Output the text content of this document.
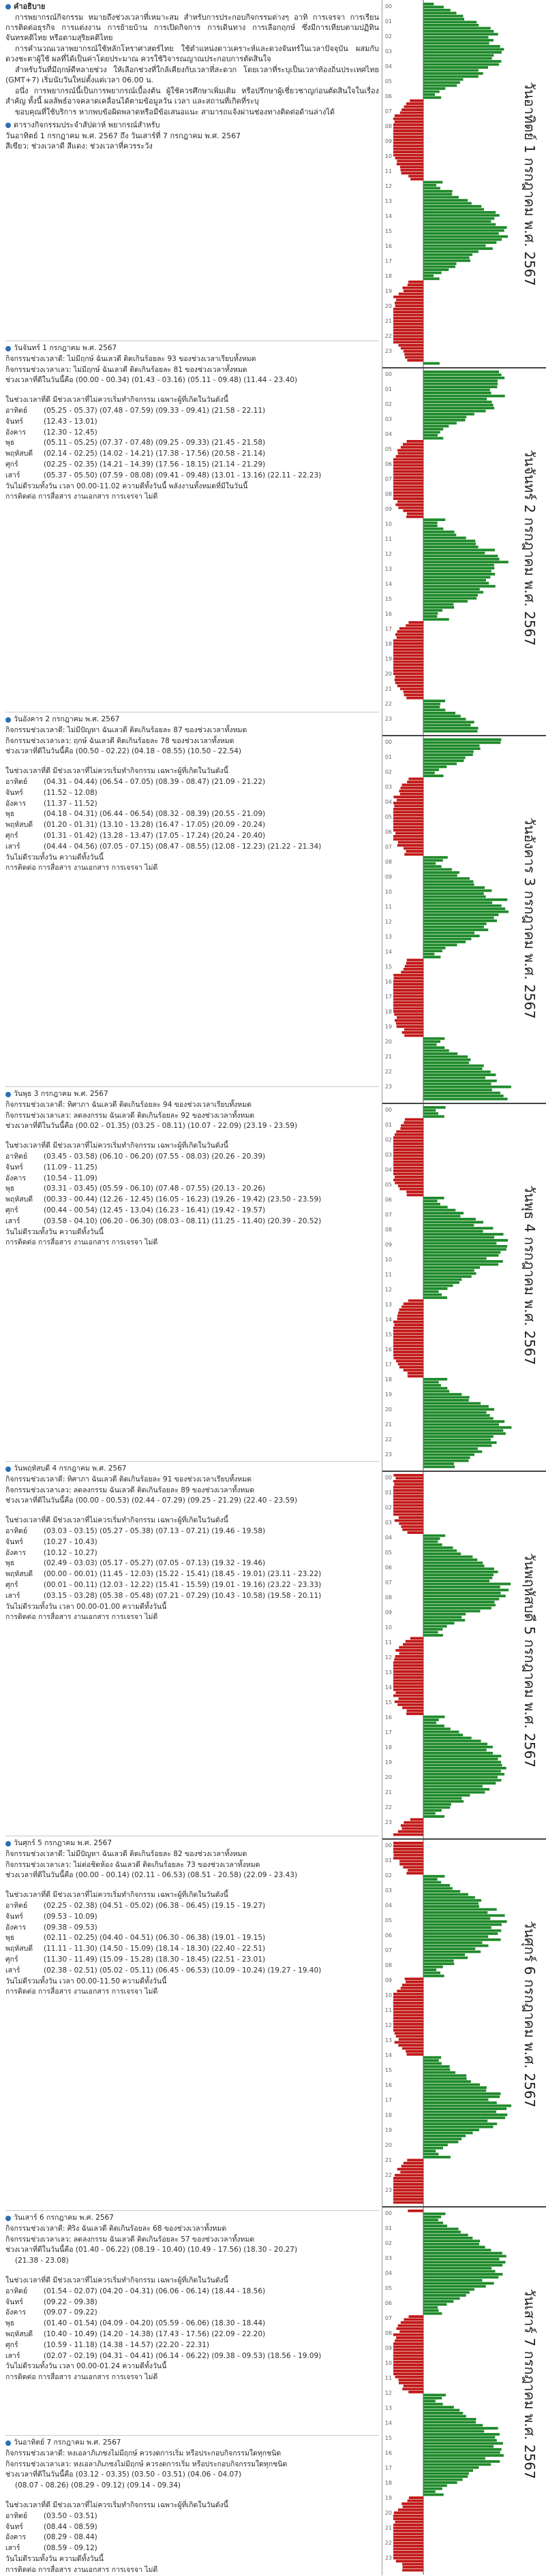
คำอธิบาย

การพยากรณ์กิจกรรม หมายถึงช่วงเวลาที่เหมาะสม สำหรับการประกอบกิจกรรมต่างๆ อาทิ การเจรจา การเรียน การติดต่อธุรกิจ การแต่งงาน การย้ายบ้าน การเปิดกิจการ การเดินทาง การเลือกฤกษ์ ซึ่งมีการเทียบตามปฏิทินจันทรคติไทย หรือตามสุริยคติไทย

การคำนวณเวลาพยากรณ์ใช้หลักโหราศาสตร์ไทย ใช้ตำแหน่งดาวเคราะห์และดวงจันทร์ในเวลาปัจจุบัน ผสมกับดวงชะตาผู้ใช้ ผลที่ได้เป็นค่าโดยประมาณ ควรใช้วิจารณญาณประกอบการตัดสินใจ

สำหรับวันที่มีฤกษ์ดีหลายช่วง ให้เลือกช่วงที่ใกล้เคียงกับเวลาที่สะดวก โดยเวลาที่ระบุเป็นเวลาท้องถิ่นประเทศไทย (GMT+7) เริ่มนับวันใหม่ตั้งแต่เวลา 06.00 น.

อนึ่ง การพยากรณ์นี้เป็นการพยากรณ์เบื้องต้น ผู้ใช้ควรศึกษาเพิ่มเติม หรือปรึกษาผู้เชี่ยวชาญก่อนตัดสินใจในเรื่องสำคัญ ทั้งนี้ ผลลัพธ์อาจคลาดเคลื่อนได้ตามข้อมูลวัน เวลา และสถานที่เกิดที่ระบุ

ขอบคุณที่ใช้บริการ หากพบข้อผิดพลาดหรือมีข้อเสนอแนะ สามารถแจ้งผ่านช่องทางติดต่อด้านล่างได้

ตารางกิจกรรมประจำสัปดาห์ พยากรณ์สำหรับ
วันอาทิตย์ 1 กรกฎาคม พ.ศ. 2567 ถึง วันเสาร์ที่ 7 กรกฎาคม พ.ศ. 2567
สีเขียว: ช่วงเวลาดี สีแดง: ช่วงเวลาที่ควรระวัง
วันจันทร์ 1 กรกฎาคม พ.ศ. 2567
กิจกรรมช่วงเวลาดี: ไม่มีฤกษ์ ฉันเลวดี ติดเกินร้อยละ 93 ของช่วงเวลาเรียบทั้งหมด
กิจกรรมช่วงเวลาเลว: ไม่มีฤกษ์ ฉันเลวดี ติดเกินร้อยละ 81 ของช่วงเวลาทั้งหมด
ช่วงเวลาที่ดีในวันนี้คือ (00.00 - 00.34) (01.43 - 03.16) (05.11 - 09.48) (11.44 - 23.40)
ในช่วงเวลาที่ดี มีช่วงเวลาที่ไม่ควรเริ่มทำกิจกรรม เฉพาะผู้ที่เกิดในวันดังนี้
อาทิตย์	(05.25 - 05.37) (07.48 - 07.59) (09.33 - 09.41) (21.58 - 22.11)
จันทร์	(12.43 - 13.01)
อังคาร	(12.30 - 12.45)
พุธ	(05.11 - 05.25) (07.37 - 07.48) (09.25 - 09.33) (21.45 - 21.58)
พฤหัสบดี	(02.14 - 02.25) (14.02 - 14.21) (17.38 - 17.56) (20.58 - 21.14)
ศุกร์	(02.25 - 02.35) (14.21 - 14.39) (17.56 - 18.15) (21.14 - 21.29)
เสาร์	(05.37 - 05.50) (07.59 - 08.08) (09.41 - 09.48) (13.01 - 13.16) (22.11 - 22.23)
วันไม่ดีรวมทั้งวัน เวลา 00.00-11.02 ความดีทั้งวันนี้ พลังงานทั้งหมดที่มีในวันนี้
การติดต่อ การสื่อสาร งานเอกสาร การเจรจา ไม่ดี
วันอังคาร 2 กรกฎาคม พ.ศ. 2567
กิจกรรมช่วงเวลาดี: ไม่มีปัญหา ฉันเลวดี ติดเกินร้อยละ 87 ของช่วงเวลาทั้งหมด
กิจกรรมช่วงเวลาเลว: ฤกษ์ ฉันเลวดี ติดเกินร้อยละ 78 ของช่วงเวลาทั้งหมด
ช่วงเวลาที่ดีในวันนี้คือ (00.50 - 02.22) (04.18 - 08.55) (10.50 - 22.54)
ในช่วงเวลาที่ดี มีช่วงเวลาที่ไม่ควรเริ่มทำกิจกรรม เฉพาะผู้ที่เกิดในวันดังนี้
อาทิตย์	(04.31 - 04.44) (06.54 - 07.05) (08.39 - 08.47) (21.09 - 21.22)
จันทร์	(11.52 - 12.08)
อังคาร	(11.37 - 11.52)
พุธ	(04.18 - 04.31) (06.44 - 06.54) (08.32 - 08.39) (20.55 - 21.09)
พฤหัสบดี	(01.20 - 01.31) (13.10 - 13.28) (16.47 - 17.05) (20.09 - 20.24)
ศุกร์	(01.31 - 01.42) (13.28 - 13.47) (17.05 - 17.24) (20.24 - 20.40)
เสาร์	(04.44 - 04.56) (07.05 - 07.15) (08.47 - 08.55) (12.08 - 12.23) (21.22 - 21.34)
วันไม่ดีรวมทั้งวัน ความดีทั้งวันนี้
การติดต่อ การสื่อสาร งานเอกสาร การเจรจา ไม่ดี
วันพุธ 3 กรกฎาคม พ.ศ. 2567
กิจกรรมช่วงเวลาดี: ทิศาภา ฉันเลวดี ติดเกินร้อยละ 94 ของช่วงเวลาเรียบทั้งหมด
กิจกรรมช่วงเวลาเลว: ลดลงกรรม ฉันเลวดี ติดเกินร้อยละ 92 ของช่วงเวลาทั้งหมด
ช่วงเวลาที่ดีในวันนี้คือ (00.02 - 01.35) (03.25 - 08.11) (10.07 - 22.09) (23.19 - 23.59)
ในช่วงเวลาที่ดี มีช่วงเวลาที่ไม่ควรเริ่มทำกิจกรรม เฉพาะผู้ที่เกิดในวันดังนี้
อาทิตย์	(03.45 - 03.58) (06.10 - 06.20) (07.55 - 08.03) (20.26 - 20.39)
จันทร์	(11.09 - 11.25)
อังคาร	(10.54 - 11.09)
พุธ	(03.31 - 03.45) (05.59 - 06.10) (07.48 - 07.55) (20.13 - 20.26)
พฤหัสบดี	(00.33 - 00.44) (12.26 - 12.45) (16.05 - 16.23) (19.26 - 19.42) (23.50 - 23.59)
ศุกร์	(00.44 - 00.54) (12.45 - 13.04) (16.23 - 16.41) (19.42 - 19.57)
เสาร์	(03.58 - 04.10) (06.20 - 06.30) (08.03 - 08.11) (11.25 - 11.40) (20.39 - 20.52)
วันไม่ดีรวมทั้งวัน ความดีทั้งวันนี้
การติดต่อ การสื่อสาร งานเอกสาร การเจรจา ไม่ดี
วันพฤหัสบดี 4 กรกฎาคม พ.ศ. 2567
กิจกรรมช่วงเวลาดี: ทิศาภา ฉันเลวดี ติดเกินร้อยละ 91 ของช่วงเวลาเรียบทั้งหมด
กิจกรรมช่วงเวลาเลว: ลดลงกรรม ฉันเลวดี ติดเกินร้อยละ 89 ของช่วงเวลาทั้งหมด
ช่วงเวลาที่ดีในวันนี้คือ (00.00 - 00.53) (02.44 - 07.29) (09.25 - 21.29) (22.40 - 23.59)
ในช่วงเวลาที่ดี มีช่วงเวลาที่ไม่ควรเริ่มทำกิจกรรม เฉพาะผู้ที่เกิดในวันดังนี้
อาทิตย์	(03.03 - 03.15) (05.27 - 05.38) (07.13 - 07.21) (19.46 - 19.58)
จันทร์	(10.27 - 10.43)
อังคาร	(10.12 - 10.27)
พุธ	(02.49 - 03.03) (05.17 - 05.27) (07.05 - 07.13) (19.32 - 19.46)
พฤหัสบดี	(00.00 - 00.01) (11.45 - 12.03) (15.22 - 15.41) (18.45 - 19.01) (23.11 - 23.22)
ศุกร์	(00.01 - 00.11) (12.03 - 12.22) (15.41 - 15.59) (19.01 - 19.16) (23.22 - 23.33)
เสาร์	(03.15 - 03.28) (05.38 - 05.48) (07.21 - 07.29) (10.43 - 10.58) (19.58 - 20.11)
วันไม่ดีรวมทั้งวัน เวลา 00.00-01.00 ความดีทั้งวันนี้
การติดต่อ การสื่อสาร งานเอกสาร การเจรจา ไม่ดี
วันศุกร์ 5 กรกฎาคม พ.ศ. 2567
กิจกรรมช่วงเวลาดี: ไม่มีปัญหา ฉันเลวดี ติดเกินร้อยละ 82 ของช่วงเวลาทั้งหมด
กิจกรรมช่วงเวลาเลว: ไม่ต่อชิดห้อง ฉันเลวดี ติดเกินร้อยละ 73 ของช่วงเวลาทั้งหมด
ช่วงเวลาที่ดีในวันนี้คือ (00.00 - 00.14) (02.11 - 06.53) (08.51 - 20.58) (22.09 - 23.43)
ในช่วงเวลาที่ดี มีช่วงเวลาที่ไม่ควรเริ่มทำกิจกรรม เฉพาะผู้ที่เกิดในวันดังนี้
อาทิตย์	(02.25 - 02.38) (04.51 - 05.02) (06.38 - 06.45) (19.15 - 19.27)
จันทร์	(09.53 - 10.09)
อังคาร	(09.38 - 09.53)
พุธ	(02.11 - 02.25) (04.40 - 04.51) (06.30 - 06.38) (19.01 - 19.15)
พฤหัสบดี	(11.11 - 11.30) (14.50 - 15.09) (18.14 - 18.30) (22.40 - 22.51)
ศุกร์	(11.30 - 11.49) (15.09 - 15.28) (18.30 - 18.45) (22.51 - 23.01)
เสาร์	(02.38 - 02.51) (05.02 - 05.11) (06.45 - 06.53) (10.09 - 10.24) (19.27 - 19.40)
วันไม่ดีรวมทั้งวัน เวลา 00.00-11.50 ความดีทั้งวันนี้
การติดต่อ การสื่อสาร งานเอกสาร การเจรจา ไม่ดี
วันเสาร์ 6 กรกฎาคม พ.ศ. 2567
กิจกรรมช่วงเวลาดี: ศิริง ฉันเลวดี ติดเกินร้อยละ 68 ของช่วงเวลาทั้งหมด
กิจกรรมช่วงเวลาเลว: ลดลงกรรม ฉันเลวดี ติดเกินร้อยละ 57 ของช่วงเวลาทั้งหมด
ช่วงเวลาที่ดีในวันนี้คือ (01.40 - 06.22) (08.19 - 10.40) (10.49 - 17.56) (18.30 - 20.27)
(21.38 - 23.08)
ในช่วงเวลาที่ดี มีช่วงเวลาที่ไม่ควรเริ่มทำกิจกรรม เฉพาะผู้ที่เกิดในวันดังนี้
อาทิตย์	(01.54 - 02.07) (04.20 - 04.31) (06.06 - 06.14) (18.44 - 18.56)
จันทร์	(09.22 - 09.38)
อังคาร	(09.07 - 09.22)
พุธ	(01.40 - 01.54) (04.09 - 04.20) (05.59 - 06.06) (18.30 - 18.44)
พฤหัสบดี	(10.40 - 10.49) (14.20 - 14.38) (17.43 - 17.56) (22.09 - 22.20)
ศุกร์	(10.59 - 11.18) (14.38 - 14.57) (22.20 - 22.31)
เสาร์	(02.07 - 02.19) (04.31 - 04.41) (06.14 - 06.22) (09.38 - 09.53) (18.56 - 19.09)
วันไม่ดีรวมทั้งวัน เวลา 00.00-01.24 ความดีทั้งวันนี้
การติดต่อ การสื่อสาร งานเอกสาร การเจรจา ไม่ดี
วันอาทิตย์ 7 กรกฎาคม พ.ศ. 2567
กิจกรรมช่วงเวลาดี: หงเอลาภิเภชงไม่มีฤกษ์ ควรงดการเริ่ม หรือประกอบกิจกรรมใดทุกชนิด
กิจกรรมช่วงเวลาเลว: หงเอลาภิเภชงไม่มีฤกษ์ ควรงดการเริ่ม หรือประกอบกิจกรรมใดทุกชนิด
ช่วงเวลาที่ดีในวันนี้คือ (03.12 - 03.35) (03.50 - 03.51) (04.06 - 04.07)
(08.07 - 08.26) (08.29 - 09.12) (09.14 - 09.34)
ในช่วงเวลาที่ดี มีช่วงเวลาที่ไม่ควรเริ่มทำกิจกรรม เฉพาะผู้ที่เกิดในวันดังนี้
อาทิตย์	(03.50 - 03.51)
จันทร์	(08.44 - 08.59)
อังคาร	(08.29 - 08.44)
เสาร์	(08.59 - 09.12)
วันไม่ดีรวมทั้งวัน ความดีทั้งวันนี้
การติดต่อ การสื่อสาร งานเอกสาร การเจรจา ไม่ดี
00
01
02
03
04
05
06
07
08
09
10
11
12
13
14
15
16
17
18
19
20
21
22
23
วันอาทิตย์ 1 กรกฎาคม พ.ศ. 2567
00
01
02
03
04
05
06
07
08
09
10
11
12
13
14
15
16
17
18
19
20
21
22
23
วันจันทร์ 2 กรกฎาคม พ.ศ. 2567
00
01
02
03
04
05
06
07
08
09
10
11
12
13
14
15
16
17
18
19
20
21
22
23
วันอังคาร 3 กรกฎาคม พ.ศ. 2567
00
01
02
03
04
05
06
07
08
09
10
11
12
13
14
15
16
17
18
19
20
21
22
23
วันพุธ 4 กรกฎาคม พ.ศ. 2567
00
01
02
03
04
05
06
07
08
09
10
11
12
13
14
15
16
17
18
19
20
21
22
23
วันพฤหัสบดี 5 กรกฎาคม พ.ศ. 2567
00
01
02
03
04
05
06
07
08
09
10
11
12
13
14
15
16
17
18
19
20
21
22
23
วันศุกร์ 6 กรกฎาคม พ.ศ. 2567
00
01
02
03
04
05
06
07
08
09
10
11
12
13
14
15
16
17
18
19
20
21
22
23
วันเสาร์ 7 กรกฎาคม พ.ศ. 2567
